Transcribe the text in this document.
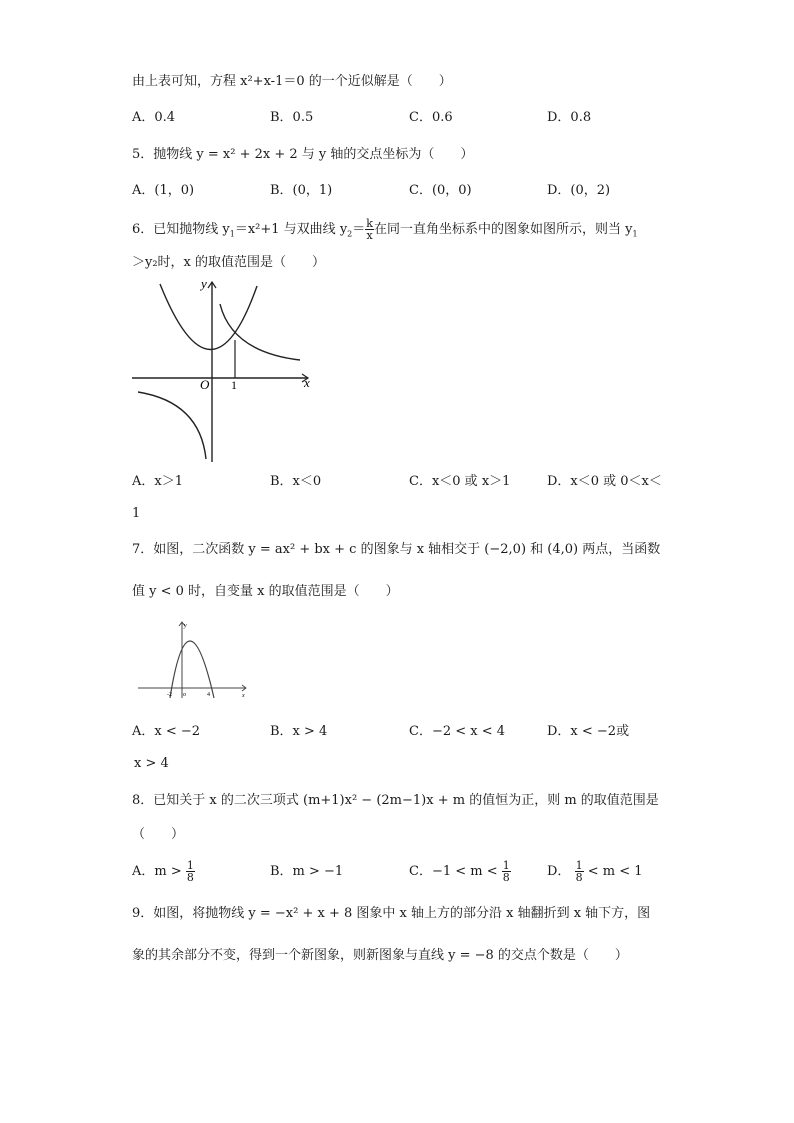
由上表可知，方程 x²+x-1＝0 的一个近似解是（　　）
A．0.4	B．0.5	C．0.6	D．0.8
5．抛物线 y = x² + 2x + 2 与 y 轴的交点坐标为（　　）
A．(1，0)	B．(0，1)	C．(0，0)	D．(0，2)
6．已知抛物线 $y_1=x^2+1$ 与双曲线 $y_2= \frac{k}{x}$ 在同一直角坐标系中的图象如图所示，则当 $y_1$
＞y₂时，x 的取值范围是（　　）
y
x
O 1
A．x＞1	B．x＜0	C．x＜0 或 x＞1	D．x＜0 或 0＜x＜
1
7．如图，二次函数 y = ax² + bx + c 的图象与 x 轴相交于 (−2,0) 和 (4,0) 两点，当函数
值 y < 0 时，自变量 x 的取值范围是（　　）
y
x
-2 o	4
A．x < −2	B．x > 4	C．−2 < x < 4	D．x < −2或
x > 4
8．已知关于 x 的二次三项式 (m+1)x² − (2m−1)x + m 的值恒为正，则 m 的取值范围是
（　　）
A．$m > \frac{1}{8}$	B．m > −1	C．$-1 < m < \frac{1}{8}$	D． $\frac{1}{8} < m < 1$
9．如图，将抛物线 y = −x² + x + 8 图象中 x 轴上方的部分沿 x 轴翻折到 x 轴下方，图
象的其余部分不变，得到一个新图象，则新图象与直线 y = −8 的交点个数是（　　）
